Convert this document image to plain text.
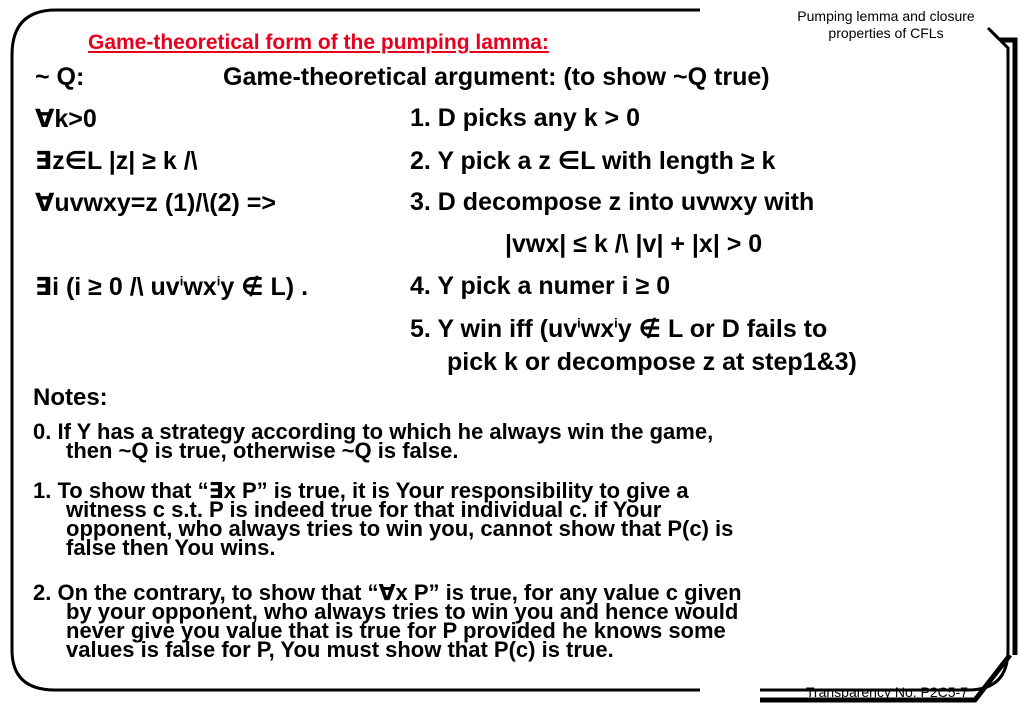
Pumping lemma and closure
properties of CFLs
Game-theoretical form of the pumping lamma:
~ Q:
∀k>0
∃z∈L |z| ≥ k /\
∀uvwxy=z (1)/\(2) =>
∃i (i ≥ 0 /\ $uv^iwx^iy$ ∉ L) .
Game-theoretical argument: (to show ~Q true)
1. D picks any k > 0
2. Y pick a z ∈L with length ≥ k
3. D decompose z into uvwxy with
|vwx| ≤ k /\ |v| + |x| > 0
4. Y pick a numer i ≥ 0
5. Y win iff ($uv^iwx^iy$ ∉ L or D fails to
pick k or decompose z at step1&3)
Notes:

0. If Y has a strategy according to which he always win the game,

then ~Q is true, otherwise ~Q is false.

1. To show that “∃x P” is true, it is Your responsibility to give a

witness c s.t. P is indeed true for that individual c. if Your

opponent, who always tries to win you, cannot show that P(c) is

false then You wins.

2. On the contrary, to show that “∀x P” is true, for any value c given

by your opponent, who always tries to win you and hence would

never give you value that is true for P provided he knows some

values is false for P, You must show that P(c) is true.

Transparency No. P2C5-7
